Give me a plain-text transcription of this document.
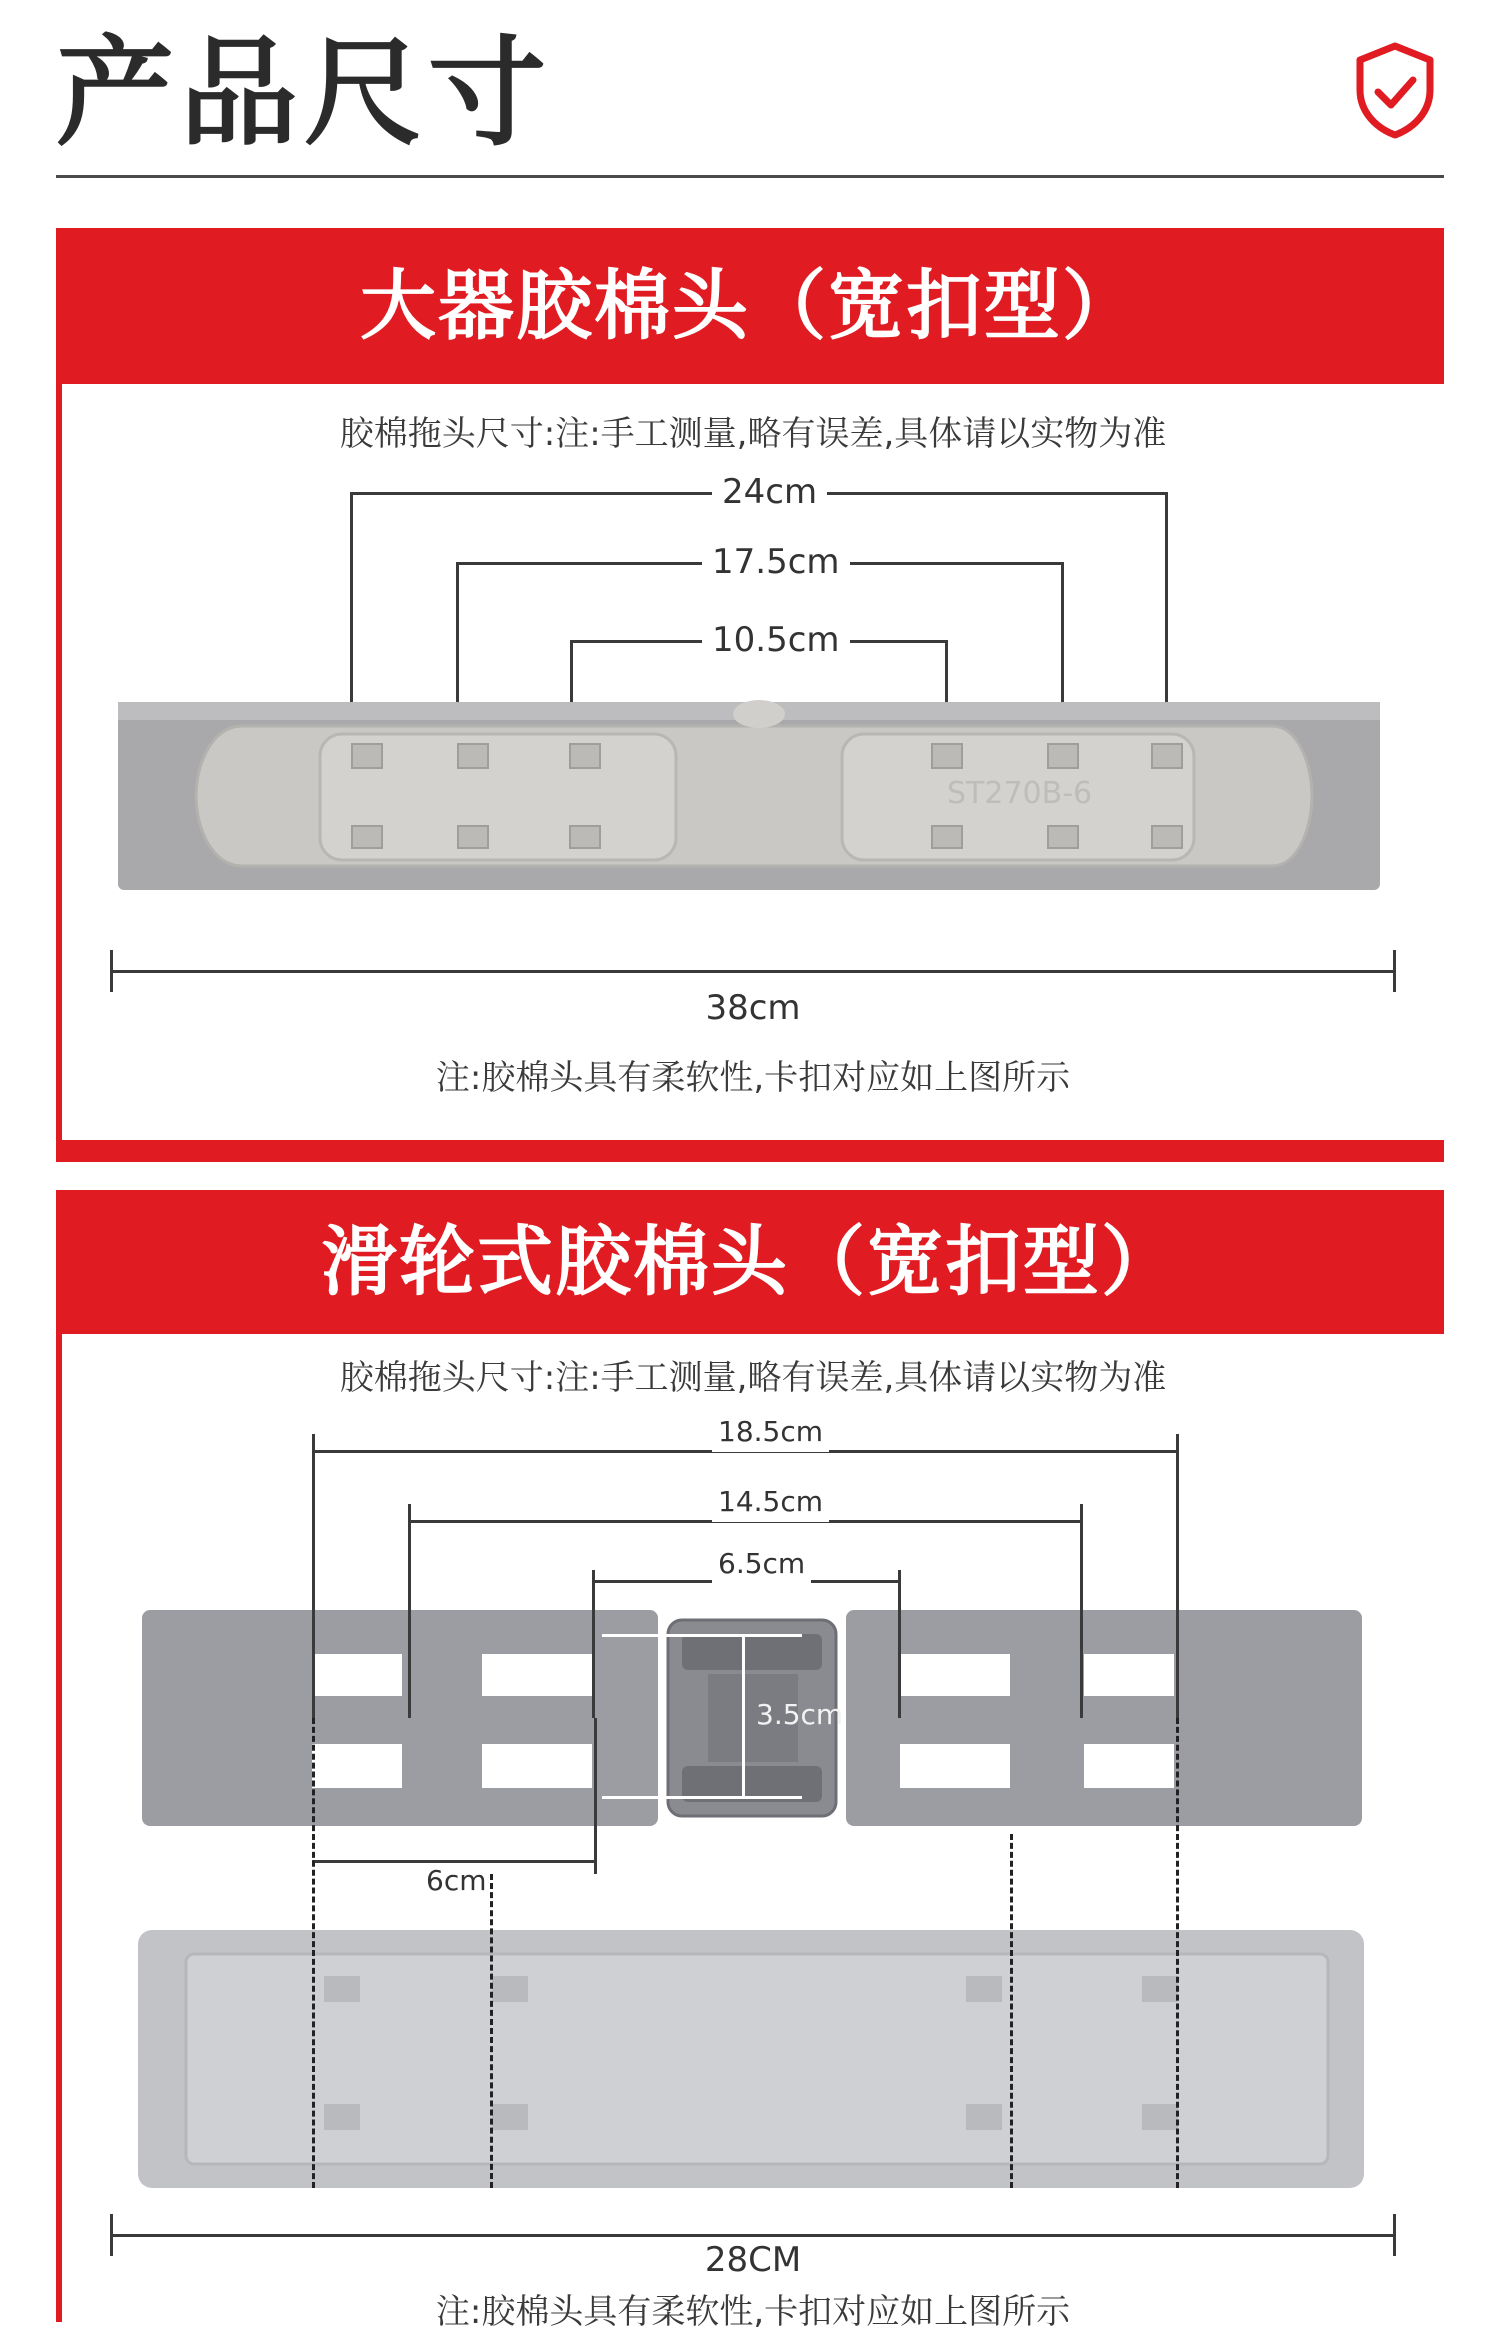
产品尺寸
大器胶棉头（宽扣型）
胶棉拖头尺寸:注:手工测量,略有误差,具体请以实物为准
24cm
17.5cm
10.5cm
ST270B-6
38cm
注:胶棉头具有柔软性,卡扣对应如上图所示
滑轮式胶棉头（宽扣型）
胶棉拖头尺寸:注:手工测量,略有误差,具体请以实物为准
18.5cm
14.5cm
6.5cm
3.5cm
6cm
28CM
注:胶棉头具有柔软性,卡扣对应如上图所示
